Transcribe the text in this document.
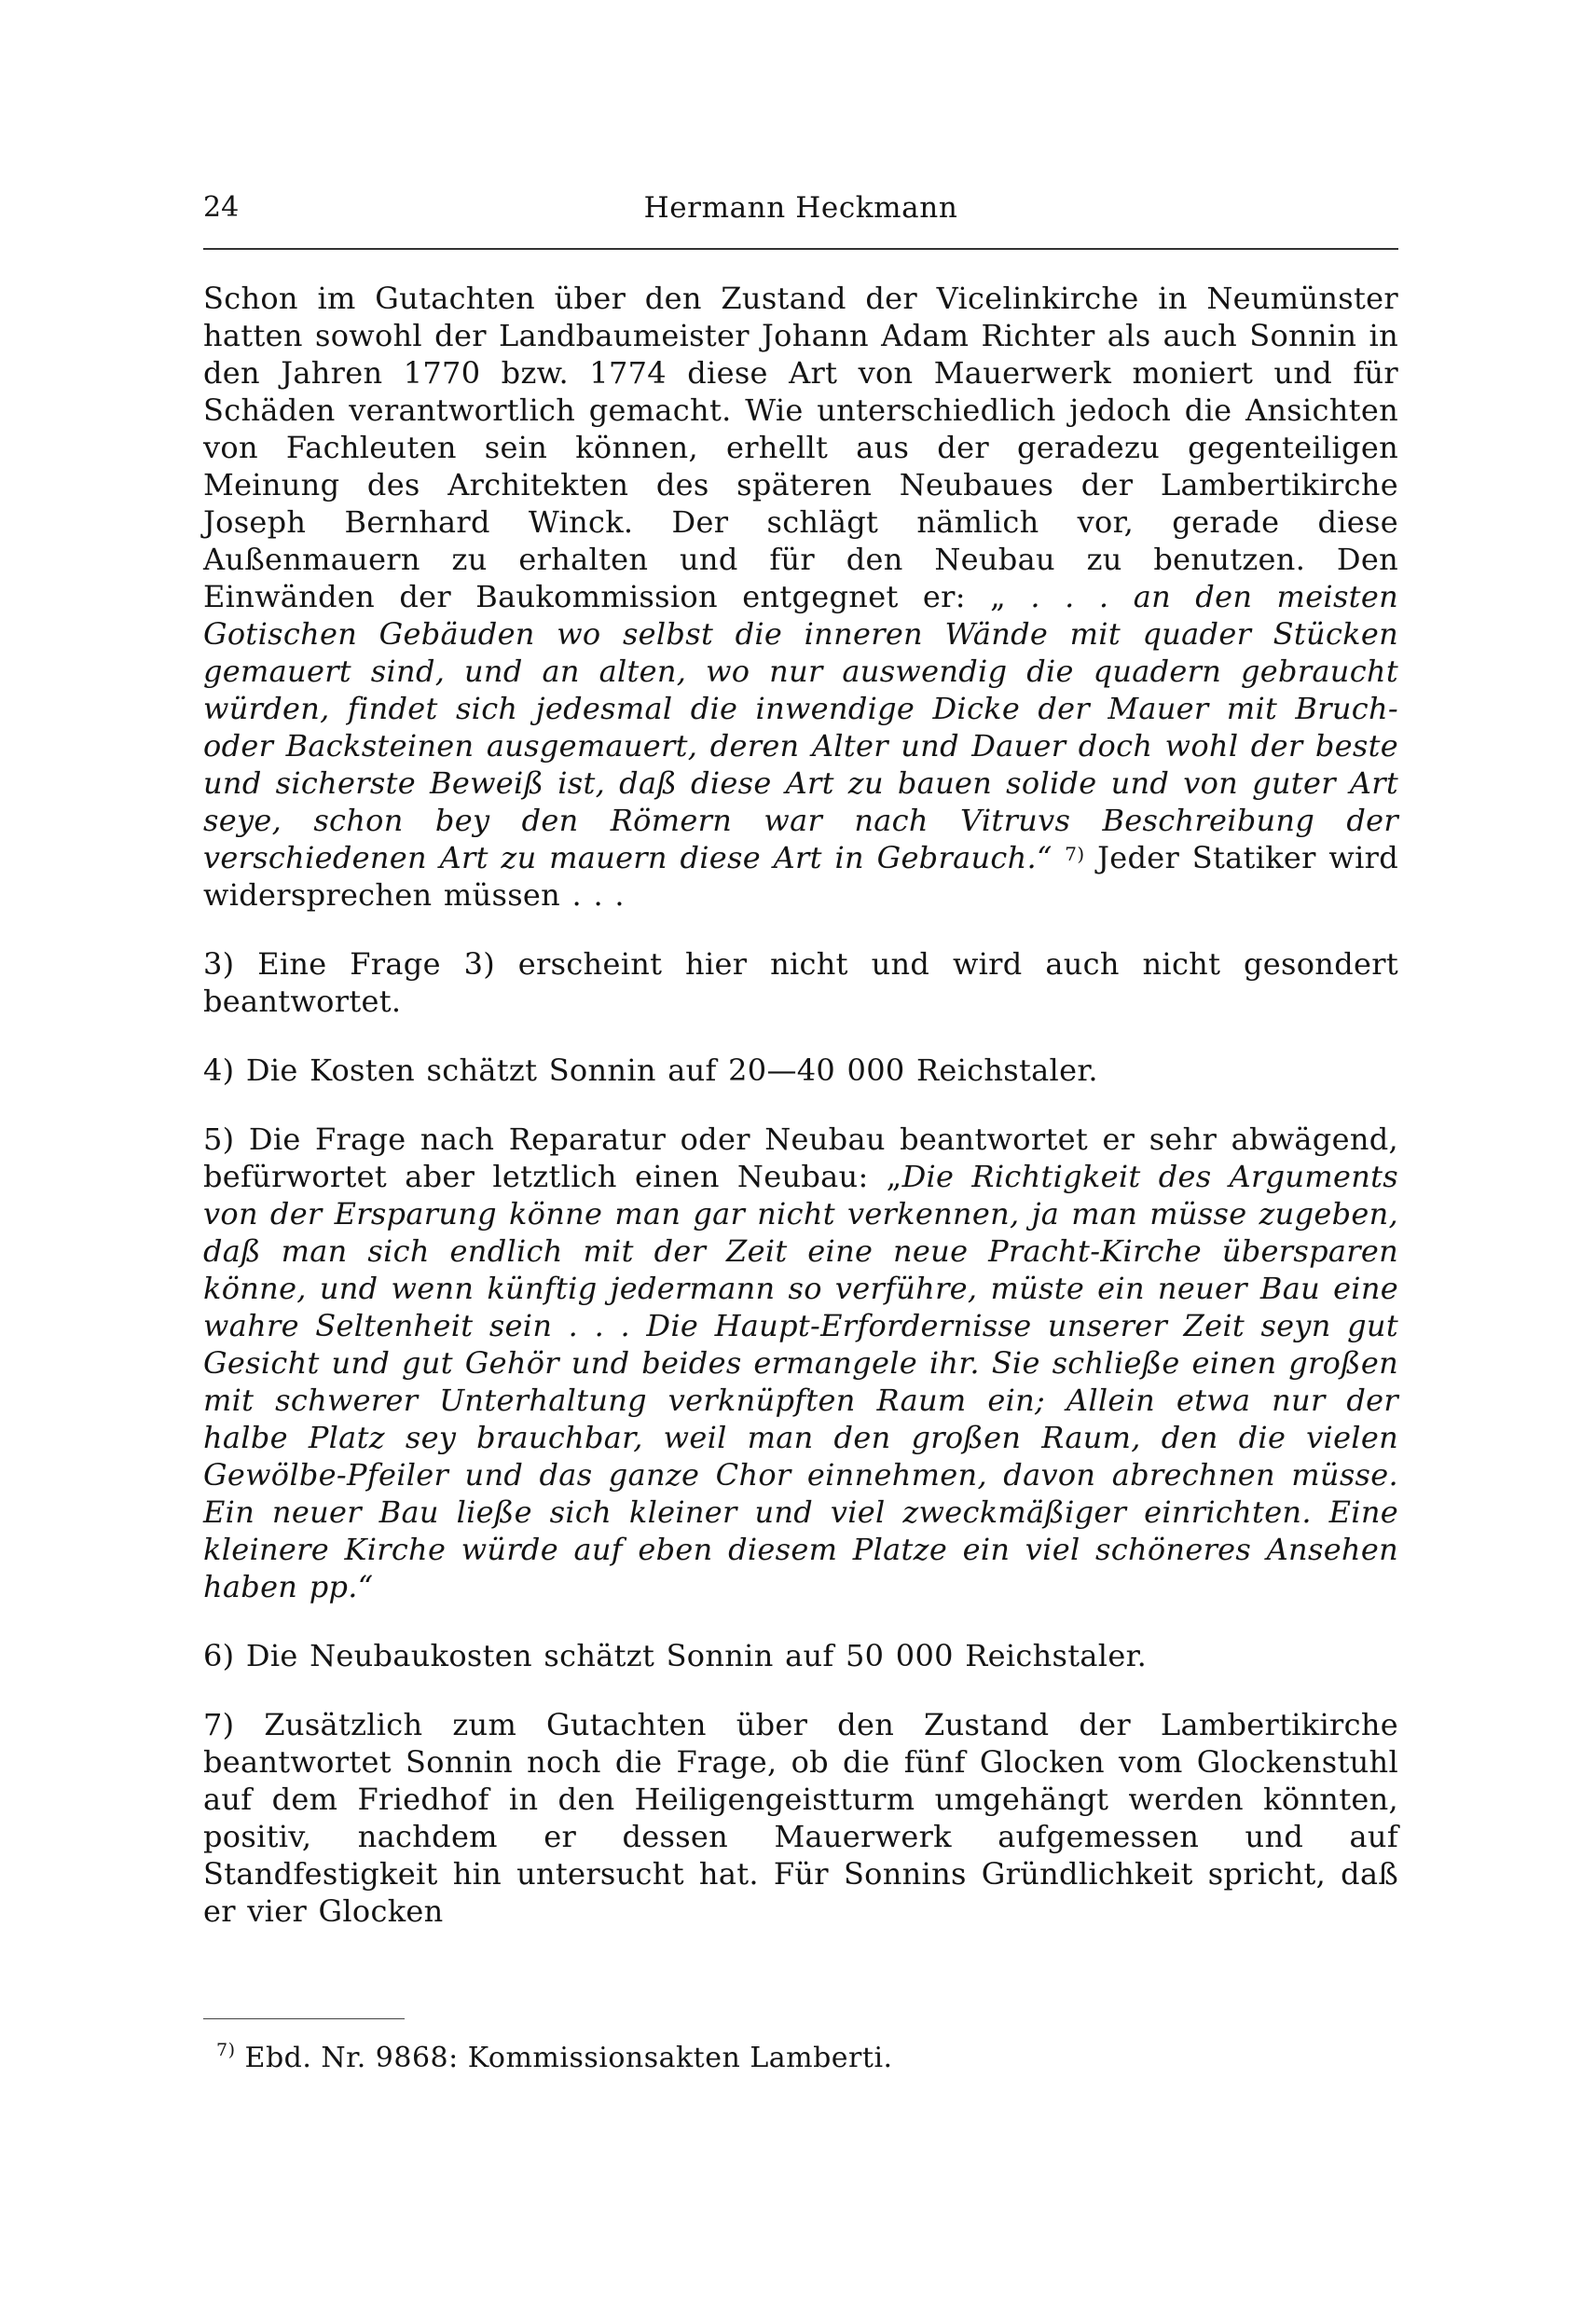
24	Hermann Heckmann

Schon im Gutachten über den Zustand der Vicelinkirche in Neumünster hatten sowohl der Landbaumeister Johann Adam Richter als auch Sonnin in den Jahren 1770 bzw. 1774 diese Art von Mauerwerk moniert und für Schäden verantwortlich gemacht. Wie unterschiedlich jedoch die Ansichten von Fachleuten sein können, erhellt aus der geradezu gegenteiligen Meinung des Architekten des späteren Neubaues der Lambertikirche Joseph Bernhard Winck. Der schlägt nämlich vor, gerade diese Außenmauern zu erhalten und für den Neubau zu benutzen. Den Einwänden der Baukommission entgegnet er: „ . . . an den meisten Gotischen Gebäuden wo selbst die inneren Wände mit quader Stücken gemauert sind, und an alten, wo nur auswendig die quadern gebraucht würden, findet sich jedesmal die inwendige Dicke der Mauer mit Bruch- oder Backsteinen ausgemauert, deren Alter und Dauer doch wohl der beste und sicherste Beweiß ist, daß diese Art zu bauen solide und von guter Art seye, schon bey den Römern war nach Vitruvs Beschreibung der verschiedenen Art zu mauern diese Art in Gebrauch.“ $^{7)}$ Jeder Statiker wird widersprechen müssen . . .

3) Eine Frage 3) erscheint hier nicht und wird auch nicht gesondert beantwortet.

4) Die Kosten schätzt Sonnin auf 20—40 000 Reichstaler.

5) Die Frage nach Reparatur oder Neubau beantwortet er sehr abwägend, befürwortet aber letztlich einen Neubau: „Die Richtigkeit des Arguments von der Ersparung könne man gar nicht verkennen, ja man müsse zugeben, daß man sich endlich mit der Zeit eine neue Pracht-Kirche übersparen könne, und wenn künftig jedermann so verführe, müste ein neuer Bau eine wahre Seltenheit sein . . . Die Haupt-Erfordernisse unserer Zeit seyn gut Gesicht und gut Gehör und beides ermangele ihr. Sie schließe einen großen mit schwerer Unterhaltung verknüpften Raum ein; Allein etwa nur der halbe Platz sey brauchbar, weil man den großen Raum, den die vielen Gewölbe-Pfeiler und das ganze Chor einnehmen, davon abrechnen müsse. Ein neuer Bau ließe sich kleiner und viel zweckmäßiger einrichten. Eine kleinere Kirche würde auf eben diesem Platze ein viel schöneres Ansehen haben pp.“

6) Die Neubaukosten schätzt Sonnin auf 50 000 Reichstaler.

7) Zusätzlich zum Gutachten über den Zustand der Lambertikirche beantwortet Sonnin noch die Frage, ob die fünf Glocken vom Glockenstuhl auf dem Friedhof in den Heiligengeistturm umgehängt werden könnten, positiv, nachdem er dessen Mauerwerk aufgemessen und auf Standfestigkeit hin untersucht hat. Für Sonnins Gründlichkeit spricht, daß er vier Glocken

$^{7)}$ Ebd. Nr. 9868: Kommissionsakten Lamberti.
